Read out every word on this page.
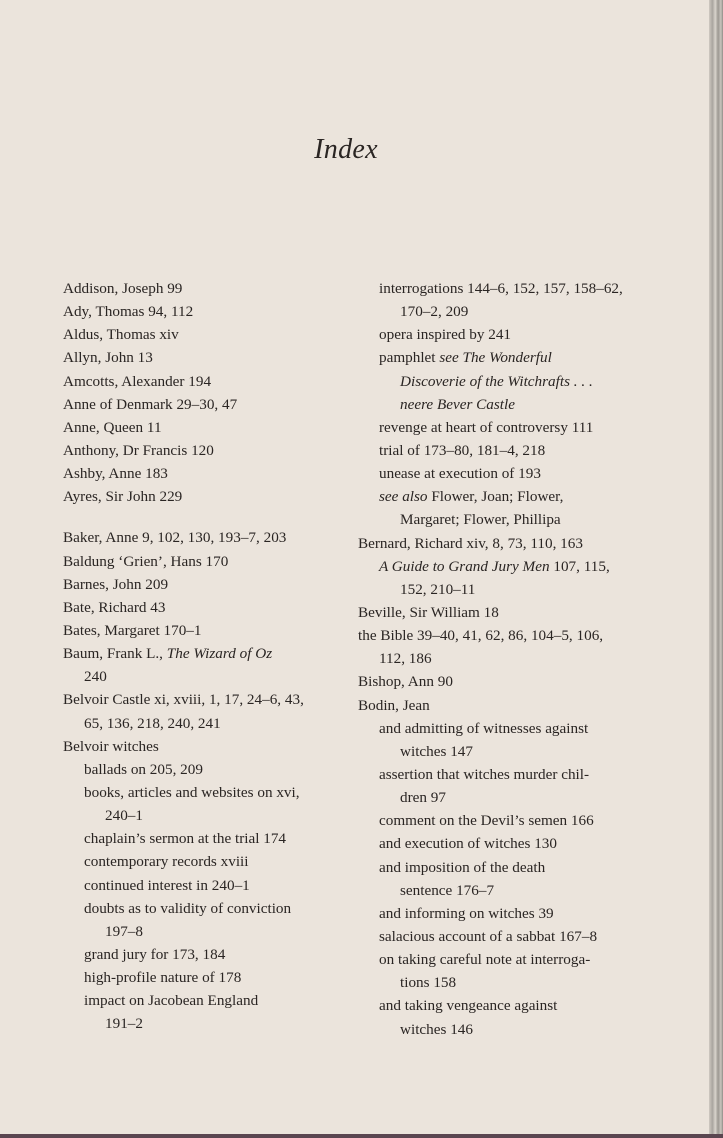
Index
Addison, Joseph 99
Ady, Thomas 94, 112
Aldus, Thomas xiv
Allyn, John 13
Amcotts, Alexander 194
Anne of Denmark 29–30, 47
Anne, Queen 11
Anthony, Dr Francis 120
Ashby, Anne 183
Ayres, Sir John 229
Baker, Anne 9, 102, 130, 193–7, 203
Baldung ‘Grien’, Hans 170
Barnes, John 209
Bate, Richard 43
Bates, Margaret 170–1
Baum, Frank L., The Wizard of Oz
240
Belvoir Castle xi, xviii, 1, 17, 24–6, 43,
65, 136, 218, 240, 241
Belvoir witches
ballads on 205, 209
books, articles and websites on xvi,
240–1
chaplain’s sermon at the trial 174
contemporary records xviii
continued interest in 240–1
doubts as to validity of conviction
197–8
grand jury for 173, 184
high-profile nature of 178
impact on Jacobean England
191–2
interrogations 144–6, 152, 157, 158–62,
170–2, 209
opera inspired by 241
pamphlet see The Wonderful
Discoverie of the Witchrafts . . .
neere Bever Castle
revenge at heart of controversy 111
trial of 173–80, 181–4, 218
unease at execution of 193
see also Flower, Joan; Flower,
Margaret; Flower, Phillipa
Bernard, Richard xiv, 8, 73, 110, 163
A Guide to Grand Jury Men 107, 115,
152, 210–11
Beville, Sir William 18
the Bible 39–40, 41, 62, 86, 104–5, 106,
112, 186
Bishop, Ann 90
Bodin, Jean
and admitting of witnesses against
witches 147
assertion that witches murder chil-
dren 97
comment on the Devil’s semen 166
and execution of witches 130
and imposition of the death
sentence 176–7
and informing on witches 39
salacious account of a sabbat 167–8
on taking careful note at interroga-
tions 158
and taking vengeance against
witches 146
